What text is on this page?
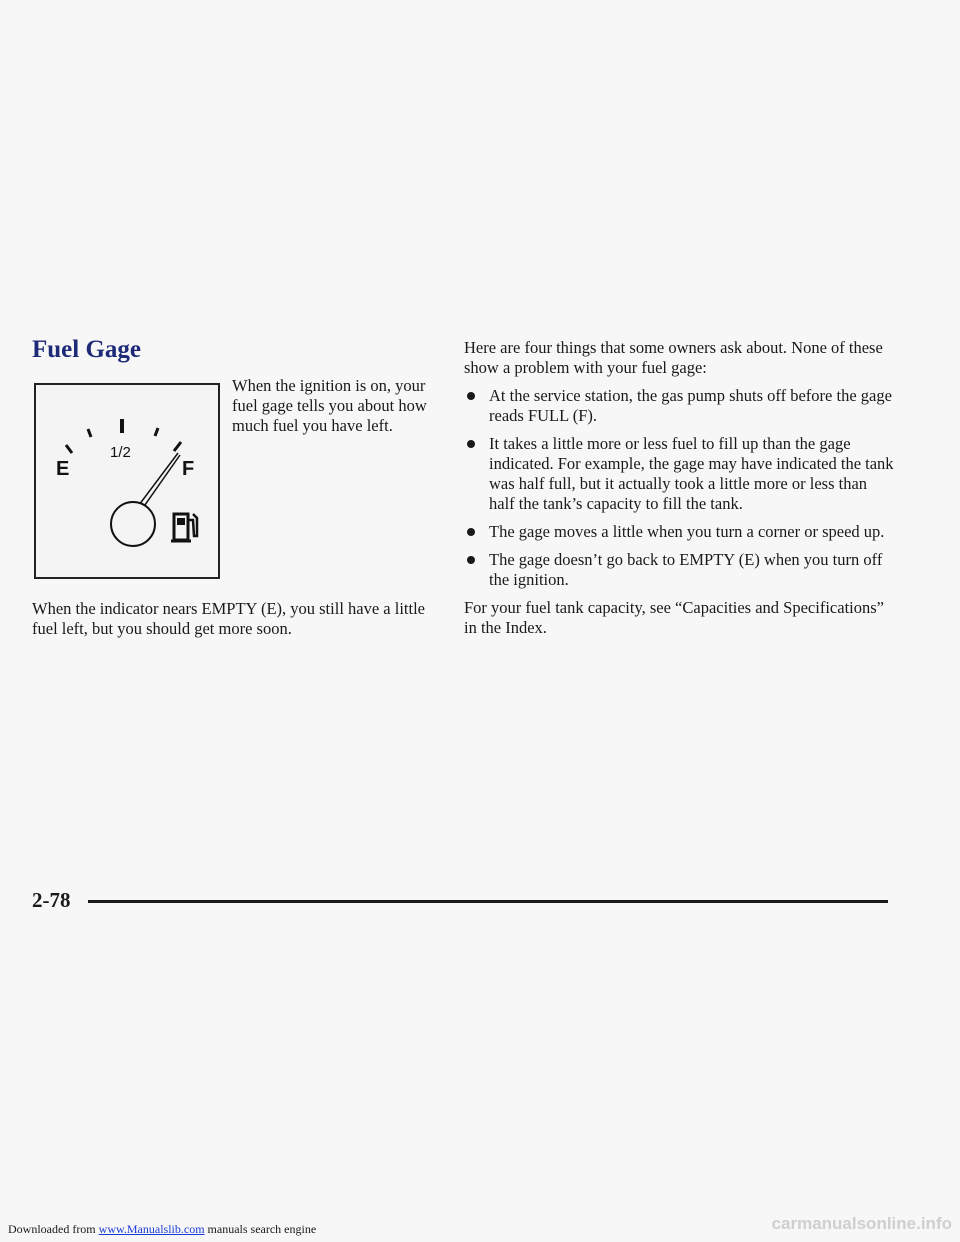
Fuel Gage
E
1/2
F
When the ignition is on, your fuel gage tells you about how much fuel you have left.
When the indicator nears EMPTY (E), you still have a little fuel left, but you should get more soon.

Here are four things that some owners ask about. None of these show a problem with your fuel gage:

At the service station, the gas pump shuts off before the gage reads FULL (F).
It takes a little more or less fuel to fill up than the gage indicated. For example, the gage may have indicated the tank was half full, but it actually took a little more or less than half the tank’s capacity to fill the tank.
The gage moves a little when you turn a corner or speed up.
The gage doesn’t go back to EMPTY (E) when you turn off the ignition.

For your fuel tank capacity, see “Capacities and Specifications” in the Index.

2-78
Downloaded from www.Manualslib.com manuals search engine	carmanualsonline.info
